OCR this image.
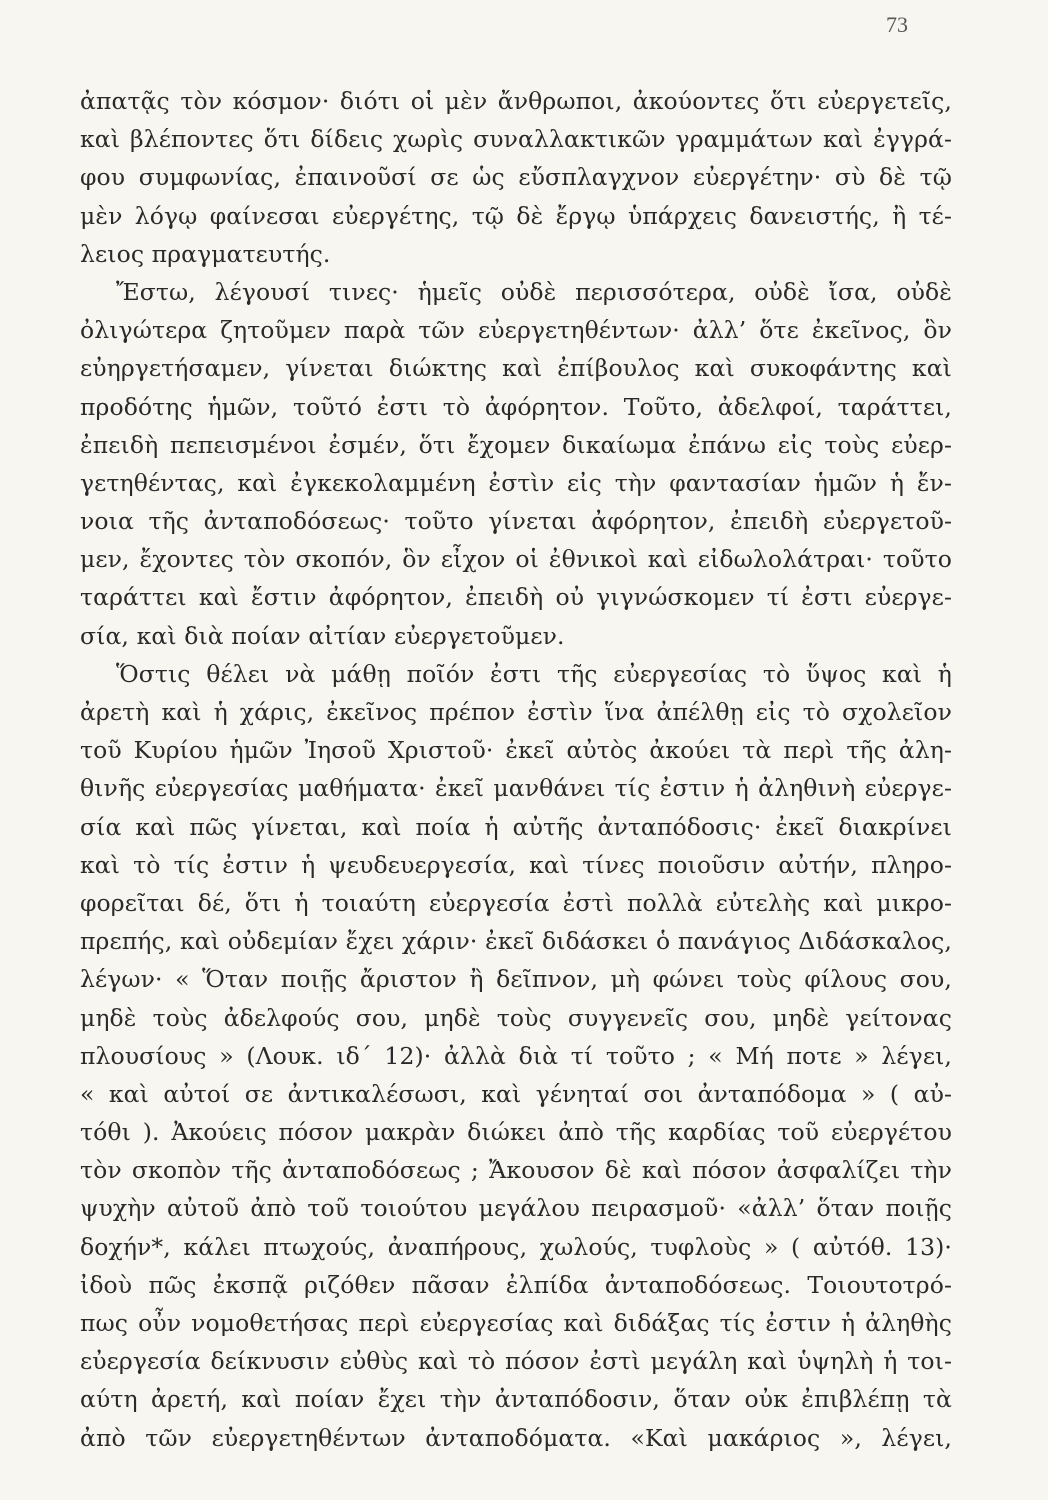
73
ἀπατᾷς τὸν κόσμον· διότι οἱ μὲν ἄνθρωποι, ἀκούοντες ὅτι εὐεργετεῖς,
καὶ βλέποντες ὅτι δίδεις χωρὶς συναλλακτικῶν γραμμάτων καὶ ἐγγρά-
φου συμφωνίας, ἐπαινοῦσί σε ὡς εὔσπλαγχνον εὐεργέτην· σὺ δὲ τῷ
μὲν λόγῳ φαίνεσαι εὐεργέτης, τῷ δὲ ἔργῳ ὑπάρχεις δανειστής, ἢ τέ-
λειος πραγματευτής.
Ἔστω, λέγουσί τινες· ἡμεῖς οὐδὲ περισσότερα, οὐδὲ ἴσα, οὐδὲ
ὀλιγώτερα ζητοῦμεν παρὰ τῶν εὐεργετηθέντων· ἀλλ’ ὅτε ἐκεῖνος, ὃν
εὐηργετήσαμεν, γίνεται διώκτης καὶ ἐπίβουλος καὶ συκοφάντης καὶ
προδότης ἡμῶν, τοῦτό ἐστι τὸ ἀφόρητον. Τοῦτο, ἀδελφοί, ταράττει,
ἐπειδὴ πεπεισμένοι ἐσμέν, ὅτι ἔχομεν δικαίωμα ἐπάνω εἰς τοὺς εὐερ-
γετηθέντας, καὶ ἐγκεκολαμμένη ἐστὶν εἰς τὴν φαντασίαν ἡμῶν ἡ ἔν-
νοια τῆς ἀνταποδόσεως· τοῦτο γίνεται ἀφόρητον, ἐπειδὴ εὐεργετοῦ-
μεν, ἔχοντες τὸν σκοπόν, ὃν εἶχον οἱ ἐθνικοὶ καὶ εἰδωλολάτραι· τοῦτο
ταράττει καὶ ἔστιν ἀφόρητον, ἐπειδὴ οὐ γιγνώσκομεν τί ἐστι εὐεργε-
σία, καὶ διὰ ποίαν αἰτίαν εὐεργετοῦμεν.
Ὅστις θέλει νὰ μάθῃ ποῖόν ἐστι τῆς εὐεργεσίας τὸ ὕψος καὶ ἡ
ἀρετὴ καὶ ἡ χάρις, ἐκεῖνος πρέπον ἐστὶν ἵνα ἀπέλθῃ εἰς τὸ σχολεῖον
τοῦ Κυρίου ἡμῶν Ἰησοῦ Χριστοῦ· ἐκεῖ αὐτὸς ἀκούει τὰ περὶ τῆς ἀλη-
θινῆς εὐεργεσίας μαθήματα· ἐκεῖ μανθάνει τίς ἐστιν ἡ ἀληθινὴ εὐεργε-
σία καὶ πῶς γίνεται, καὶ ποία ἡ αὐτῆς ἀνταπόδοσις· ἐκεῖ διακρίνει
καὶ τὸ τίς ἐστιν ἡ ψευδευεργεσία, καὶ τίνες ποιοῦσιν αὐτήν, πληρο-
φορεῖται δέ, ὅτι ἡ τοιαύτη εὐεργεσία ἐστὶ πολλὰ εὐτελὴς καὶ μικρο-
πρεπής, καὶ οὐδεμίαν ἔχει χάριν· ἐκεῖ διδάσκει ὁ πανάγιος Διδάσκαλος,
λέγων· « Ὅταν ποιῇς ἄριστον ἢ δεῖπνον, μὴ φώνει τοὺς φίλους σου,
μηδὲ τοὺς ἀδελφούς σου, μηδὲ τοὺς συγγενεῖς σου, μηδὲ γείτονας
πλουσίους » (Λουκ. ιδ΄ 12)· ἀλλὰ διὰ τί τοῦτο ; « Μή ποτε » λέγει,
« καὶ αὐτοί σε ἀντικαλέσωσι, καὶ γένηταί σοι ἀνταπόδομα » ( αὐ-
τόθι ). Ἀκούεις πόσον μακρὰν διώκει ἀπὸ τῆς καρδίας τοῦ εὐεργέτου
τὸν σκοπὸν τῆς ἀνταποδόσεως ; Ἄκουσον δὲ καὶ πόσον ἀσφαλίζει τὴν
ψυχὴν αὐτοῦ ἀπὸ τοῦ τοιούτου μεγάλου πειρασμοῦ· «ἀλλ’ ὅταν ποιῇς
δοχήν*, κάλει πτωχούς, ἀναπήρους, χωλούς, τυφλοὺς » ( αὐτόθ. 13)·
ἰδοὺ πῶς ἐκσπᾷ ριζόθεν πᾶσαν ἐλπίδα ἀνταποδόσεως. Τοιουτοτρό-
πως οὖν νομοθετήσας περὶ εὐεργεσίας καὶ διδάξας τίς ἐστιν ἡ ἀληθὴς
εὐεργεσία δείκνυσιν εὐθὺς καὶ τὸ πόσον ἐστὶ μεγάλη καὶ ὑψηλὴ ἡ τοι-
αύτη ἀρετή, καὶ ποίαν ἔχει τὴν ἀνταπόδοσιν, ὅταν οὐκ ἐπιβλέπῃ τὰ
ἀπὸ τῶν εὐεργετηθέντων ἀνταποδόματα. «Καὶ μακάριος », λέγει,
